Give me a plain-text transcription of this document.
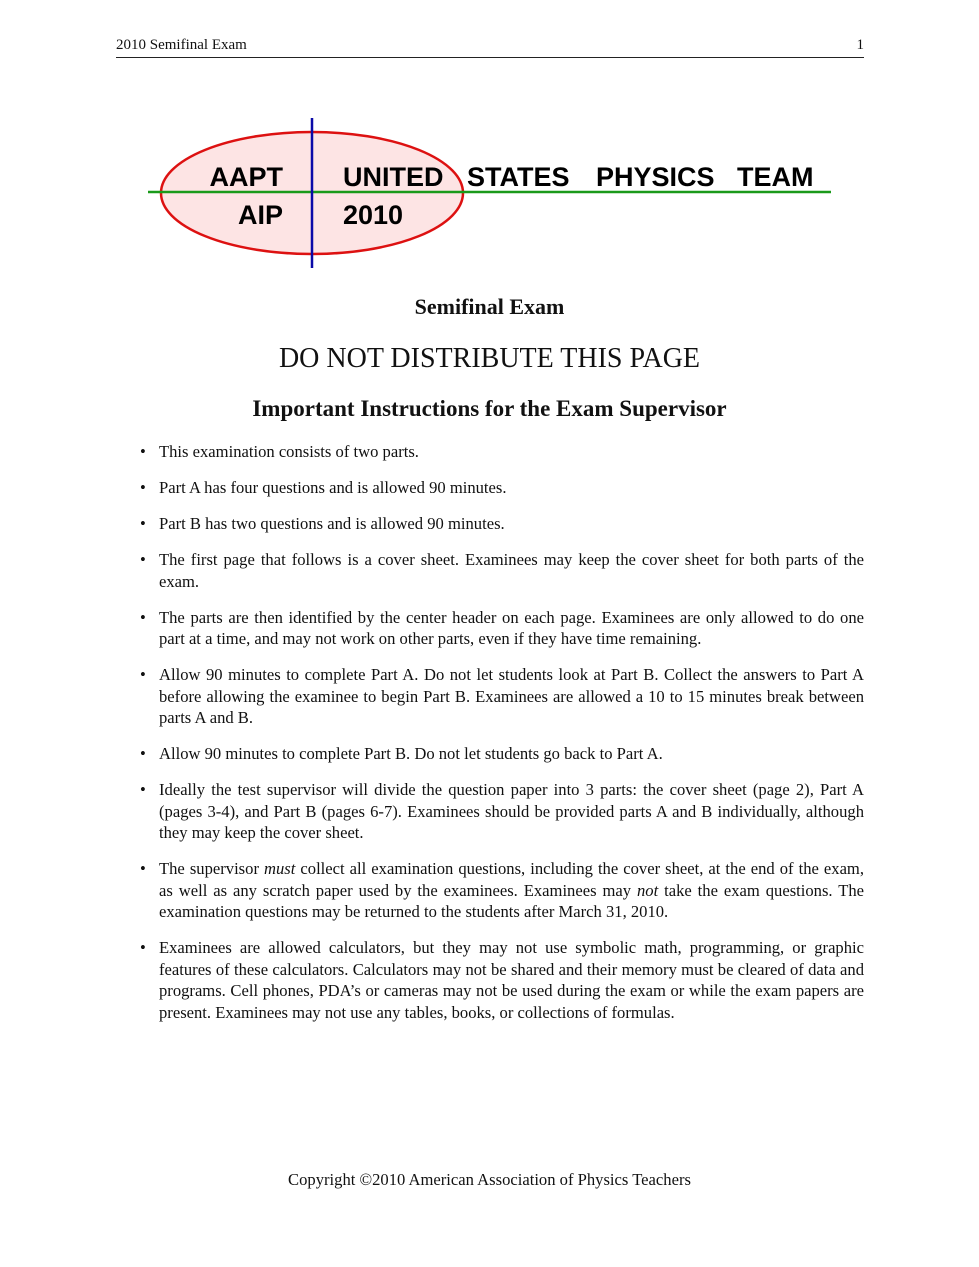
2010 Semifinal Exam	1
AAPT
AIP
UNITED
2010
STATES PHYSICS TEAM
Semifinal Exam
DO NOT DISTRIBUTE THIS PAGE
Important Instructions for the Exam Supervisor
• This examination consists of two parts.
• Part A has four questions and is allowed 90 minutes.
• Part B has two questions and is allowed 90 minutes.
• The first page that follows is a cover sheet. Examinees may keep the cover sheet for both parts of the exam.
• The parts are then identified by the center header on each page. Examinees are only allowed to do one part at a time, and may not work on other parts, even if they have time remaining.
• Allow 90 minutes to complete Part A. Do not let students look at Part B. Collect the answers to Part A before allowing the examinee to begin Part B. Examinees are allowed a 10 to 15 minutes break between parts A and B.
• Allow 90 minutes to complete Part B. Do not let students go back to Part A.
• Ideally the test supervisor will divide the question paper into 3 parts: the cover sheet (page 2), Part A (pages 3-4), and Part B (pages 6-7). Examinees should be provided parts A and B individually, although they may keep the cover sheet.
• The supervisor must collect all examination questions, including the cover sheet, at the end of the exam, as well as any scratch paper used by the examinees. Examinees may not take the exam questions. The examination questions may be returned to the students after March 31, 2010.
• Examinees are allowed calculators, but they may not use symbolic math, programming, or graphic features of these calculators. Calculators may not be shared and their memory must be cleared of data and programs. Cell phones, PDA’s or cameras may not be used during the exam or while the exam papers are present. Examinees may not use any tables, books, or collections of formulas.
Copyright ©2010 American Association of Physics Teachers
